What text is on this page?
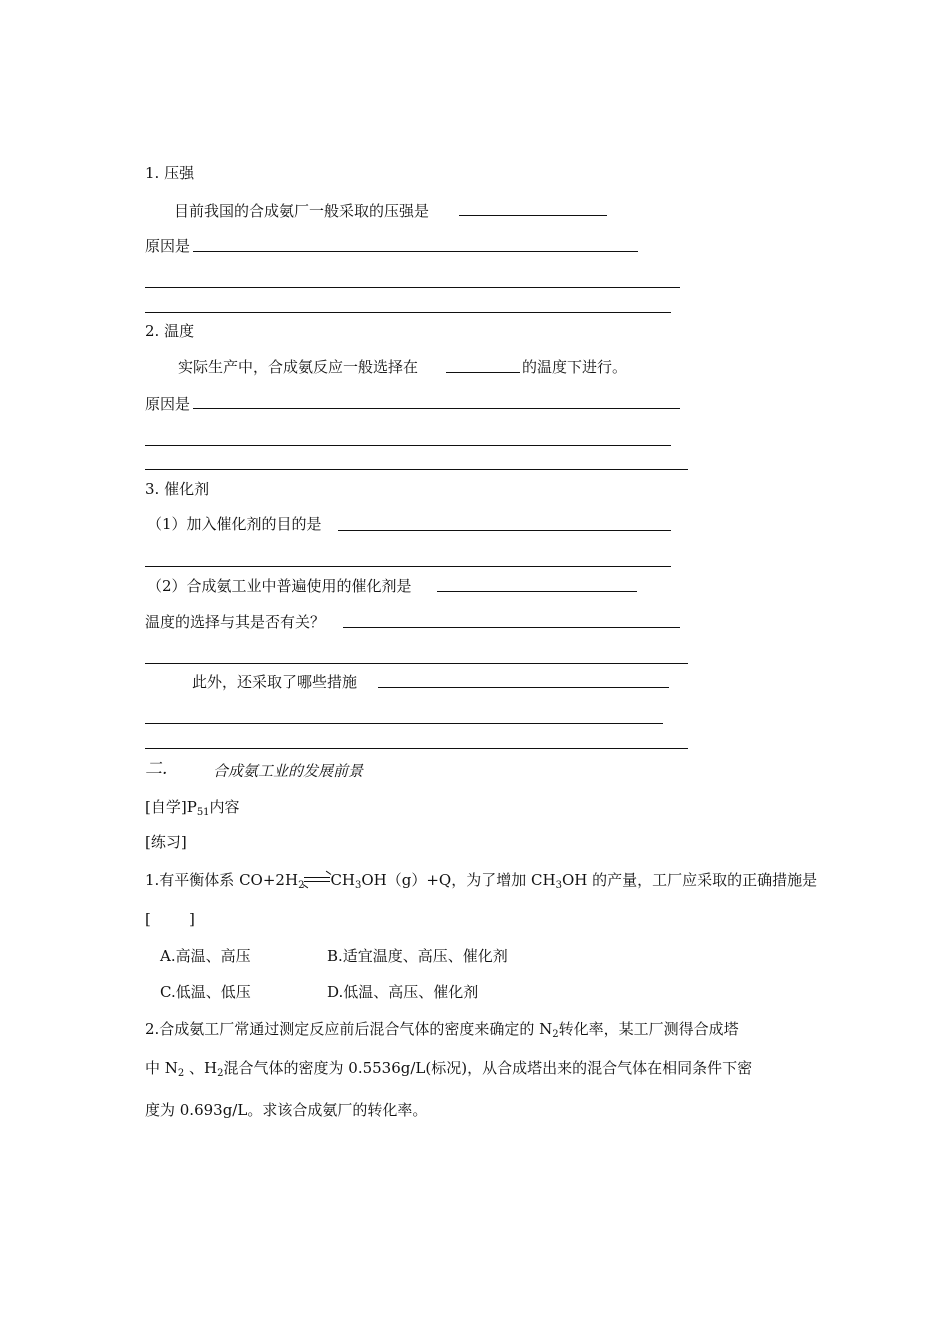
1. 压强
目前我国的合成氨厂一般采取的压强是
原因是
2. 温度
实际生产中，合成氨反应一般选择在	的温度下进行。
原因是
3. 催化剂
（1）加入催化剂的目的是
（2）合成氨工业中普遍使用的催化剂是
温度的选择与其是否有关？
此外，还采取了哪些措施
二.	合成氨工业的发展前景
[自学]$P_{51}$内容
[练习]
1.有平衡体系 $CO+2H_2$ $CH_3OH(g)+Q$，为了增加 $CH_3OH$ 的产量，工厂应采取的正确措施是
[        ]
A.高温、高压	B.适宜温度、高压、催化剂
C.低温、低压	D.低温、高压、催化剂
2.合成氨工厂常通过测定反应前后混合气体的密度来确定的 $N_2$转化率，某工厂测得合成塔
中 $N_2$ 、$H_2$混合气体的密度为 0.5536g/L(标况)，从合成塔出来的混合气体在相同条件下密
度为 0.693g/L。求该合成氨厂的转化率。
